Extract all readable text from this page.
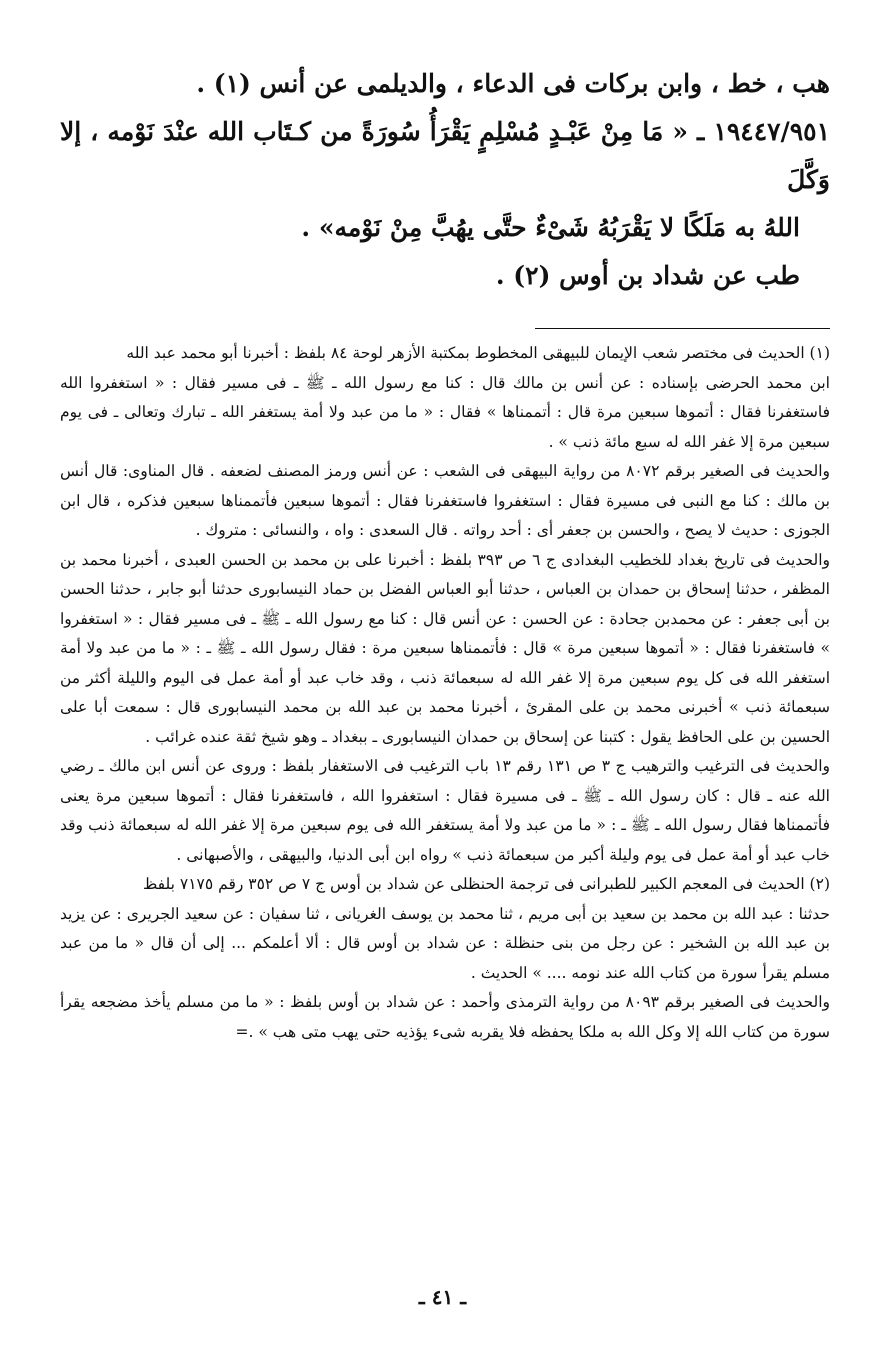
هب ، خط ، وابن بركات فى الدعاء ، والديلمى عن أنس (١) .

١٩٤٤٧/٩٥١ ـ « مَا مِنْ عَبْـدٍ مُسْلِمٍ يَقْرَأُ سُورَةً من كـتَاب الله عنْدَ نَوْمه ، إلا وَكَّلَ

اللهُ به مَلَكًا لا يَقْرَبُهُ شَىْءٌ حتَّى يهُبَّ مِنْ نَوْمه» .

طب عن شداد بن أوس (٢) .

(١) الحديث فى مختصر شعب الإيمان للبيهقى المخطوط بمكتبة الأزهر لوحة ٨٤ بلفظ : أخبرنا أبو محمد عبد الله

ابن محمد الحرضى بإسناده : عن أنس بن مالك قال : كنا مع رسول الله ـ ﷺ ـ فى مسير فقال : « استغفروا الله فاستغفرنا فقال : أتموها سبعين مرة قال : أتممناها » فقال : « ما من عبد ولا أمة يستغفر الله ـ تبارك وتعالى ـ فى يوم سبعين مرة إلا غفر الله له سبع مائة ذنب » .

والحديث فى الصغير برقم ٨٠٧٢ من رواية البيهقى فى الشعب : عن أنس ورمز المصنف لضعفه . قال المناوى: قال أنس بن مالك : كنا مع النبى فى مسيرة فقال : استغفروا فاستغفرنا فقال : أتموها سبعين فأتممناها سبعين فذكره ، قال ابن الجوزى : حديث لا يصح ، والحسن بن جعفر أى : أحد رواته . قال السعدى : واه ، والنسائى : متروك .

والحديث فى تاريخ بغداد للخطيب البغدادى ج ٦ ص ٣٩٣ بلفظ : أخبرنا على بن محمد بن الحسن العبدى ، أخبرنا محمد بن المظفر ، حدثنا إسحاق بن حمدان بن العباس ، حدثنا أبو العباس الفضل بن حماد النيسابورى حدثنا أبو جابر ، حدثنا الحسن بن أبى جعفر : عن محمدبن جحادة : عن الحسن : عن أنس قال : كنا مع رسول الله ـ ﷺ ـ فى مسير فقال : « استغفروا » فاستغفرنا فقال : « أتموها سبعين مرة » قال : فأتممناها سبعين مرة : فقال رسول الله ـ ﷺ ـ : « ما من عبد ولا أمة استغفر الله فى كل يوم سبعين مرة إلا غفر الله له سبعمائة ذنب ، وقد خاب عبد أو أمة عمل فى اليوم والليلة أكثر من سبعمائة ذنب » أخبرنى محمد بن على المقرئ ، أخبرنا محمد بن عبد الله بن محمد النيسابورى قال : سمعت أبا على الحسين بن على الحافظ يقول : كتبنا عن إسحاق بن حمدان النيسابورى ـ ببغداد ـ وهو شيخ ثقة عنده غرائب .

والحديث فى الترغيب والترهيب ج ٣ ص ١٣١ رقم ١٣ باب الترغيب فى الاستغفار بلفظ : وروى عن أنس ابن مالك ـ رضي الله عنه ـ قال : كان رسول الله ـ ﷺ ـ فى مسيرة فقال : استغفروا الله ، فاستغفرنا فقال : أتموها سبعين مرة يعنى فأتممناها فقال رسول الله ـ ﷺ ـ : « ما من عبد ولا أمة يستغفر الله فى يوم سبعين مرة إلا غفر الله له سبعمائة ذنب وقد خاب عبد أو أمة عمل فى يوم وليلة أكبر من سبعمائة ذنب » رواه ابن أبى الدنيا، والبيهقى ، والأصبهانى .

(٢) الحديث فى المعجم الكبير للطبرانى فى ترجمة الحنظلى عن شداد بن أوس ج ٧ ص ٣٥٢ رقم ٧١٧٥ بلفظ

حدثنا : عبد الله بن محمد بن سعيد بن أبى مريم ، ثنا محمد بن يوسف الغريانى ، ثنا سفيان : عن سعيد الجريرى : عن يزيد بن عبد الله بن الشخير : عن رجل من بنى حنظلة : عن شداد بن أوس قال : ألا أعلمكم ... إلى أن قال « ما من عبد مسلم يقرأ سورة من كتاب الله عند نومه .... » الحديث .

والحديث فى الصغير برقم ٨٠٩٣ من رواية الترمذى وأحمد : عن شداد بن أوس بلفظ : « ما من مسلم يأخذ مضجعه يقرأ سورة من كتاب الله إلا وكل الله به ملكا يحفظه فلا يقربه شىء يؤذيه حتى يهب متى هب » .=

ـ ٤١ ـ
